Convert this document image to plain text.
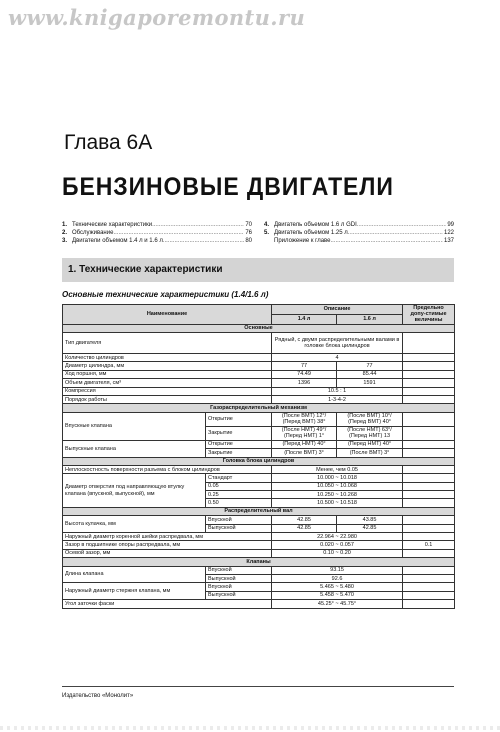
www.knigaporemontu.ru
Глава 6А
БЕНЗИНОВЫЕ ДВИГАТЕЛИ
1. Технические характеристики .....	70
2. Обслуживание .....	76
3. Двигатели объемом 1.4 л и 1.6 л .....	80
4. Двигатель объемом 1.6 л GDI .....	99
5. Двигатель объемом 1.25 л .....	122
Приложение к главе .....	137
1. Технические характеристики
Основные технические характеристики (1.4/1.6 л)
Наименование		Описание		Предельно допу-стимые величины
		1.4 л	1.6 л	
Основные				
Тип двигателя		Рядный, с двумя распределительными валами в головке блока цилиндров		
Количество цилиндров		4		
Диаметр цилиндра, мм		77	77	
Ход поршня, мм		74.49	85.44	
Объем двигателя, см³		1396	1591	
Компрессия		10.5 : 1		
Порядок работы		1-3-4-2		
Газораспределительный механизм				
Впускные клапана	Открытие	(После ВМТ) 12°/ (Перед ВМТ) 38°	(После ВМТ) 10°/ (Перед ВМТ) 40°	
	Закрытие	(После НМТ) 49°/ (Перед НМТ) 1°	(После НМТ) 63°/ (Перед НМТ) 13	
Выпускные клапана	Открытие	(Перед НМТ) 40°	(Перед НМТ) 40°	
	Закрытие	(После ВМТ) 3°	(После ВМТ) 3°	
Головка блока цилиндров				
Неплоскостность поверхности разъема с блоком цилиндров		Менее, чем 0.05		
Диаметр отверстия под направляющую втулку клапана (впускной, выпускной), мм	Стандарт	10.000 ~ 10.018		
	0.05	10.050 ~ 10.068		
	0.25	10.250 ~ 10.268		
	0.50	10.500 ~ 10.518		
Распределительный вал				
Высота кулачка, мм	Впускной	42.85	43.85	
	Выпускной	42.85	42.85	
Наружный диаметр коренной шейки распредвала, мм		22.964 ~ 22.980		
Зазор в подшипнике опоры распредвала, мм		0.020 ~ 0.057		0.1
Осевой зазор, мм		0.10 ~ 0.20		
Клапаны				
Длина клапана	Впускной	93.15		
	Выпускной	92.6		
Наружный диаметр стержня клапана, мм	Впускной	5.465 ~ 5.480		
	Выпускной	5.458 ~ 5.470		
Угол заточки фаски		45.25° ~ 45.75°		
Издательство «Монолит»
